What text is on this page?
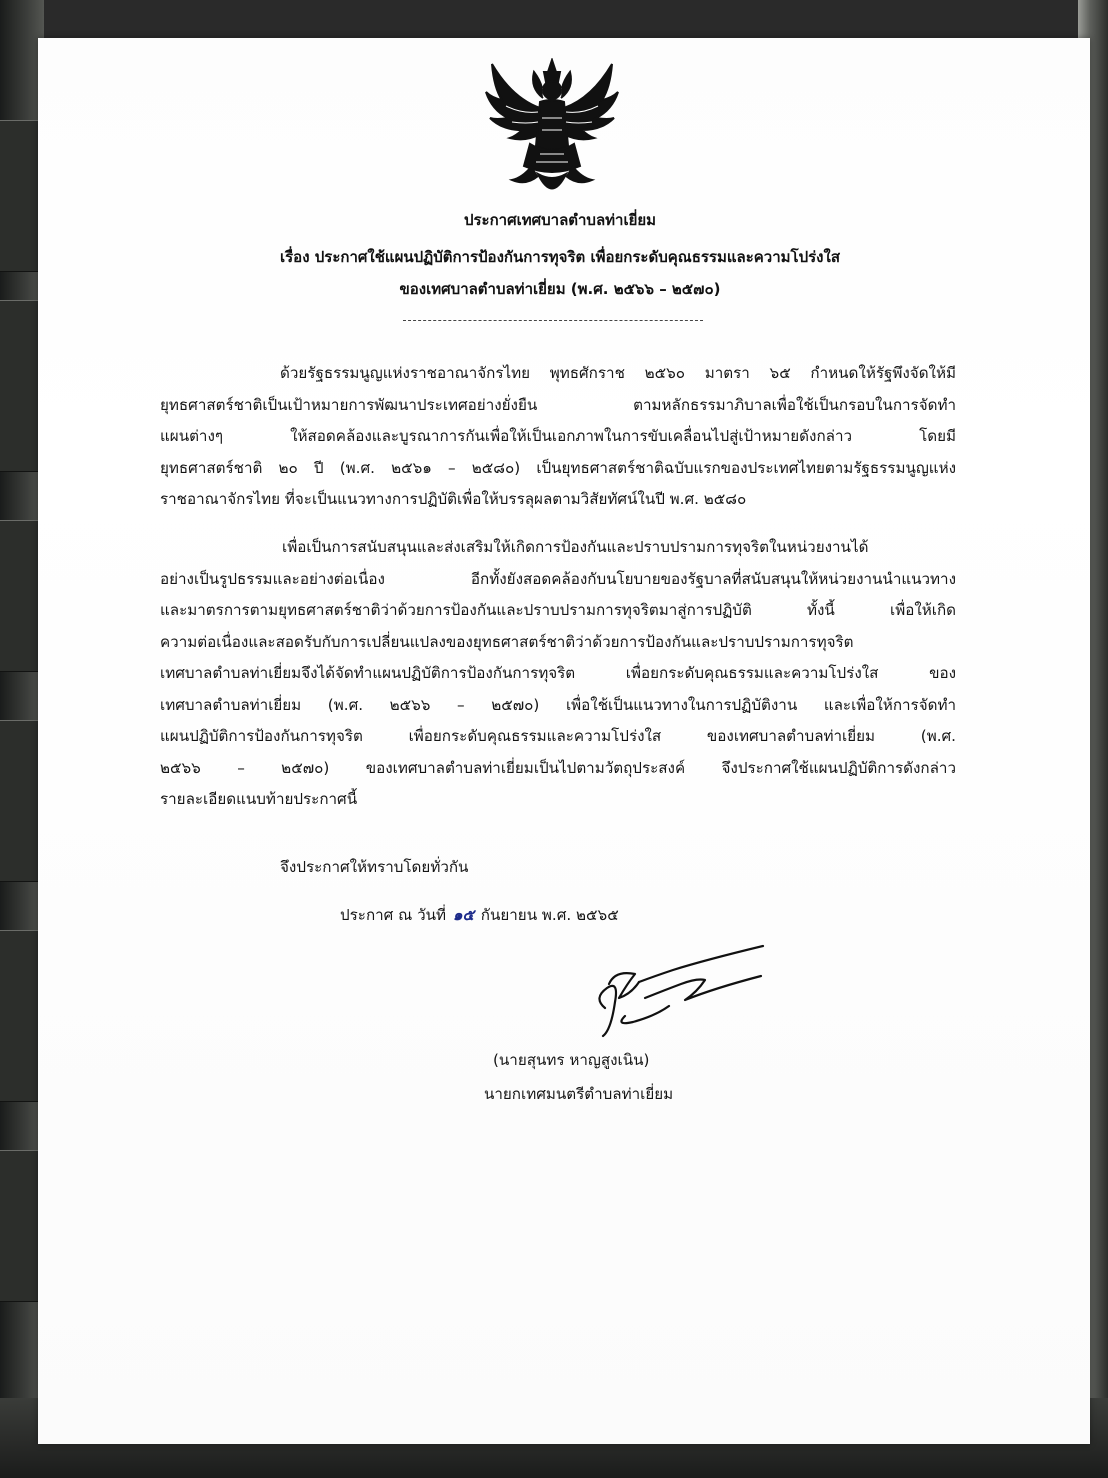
ประกาศเทศบาลตำบลท่าเยี่ยม
เรื่อง ประกาศใช้แผนปฏิบัติการป้องกันการทุจริต เพื่อยกระดับคุณธรรมและความโปร่งใส
ของเทศบาลตำบลท่าเยี่ยม (พ.ศ. ๒๕๖๖ – ๒๕๗๐)
ด้วยรัฐธรรมนูญแห่งราชอาณาจักรไทย พุทธศักราช ๒๕๖๐ มาตรา ๖๕ กำหนดให้รัฐพึงจัดให้มี
ยุทธศาสตร์ชาติเป็นเป้าหมายการพัฒนาประเทศอย่างยั่งยืน ตามหลักธรรมาภิบาลเพื่อใช้เป็นกรอบในการจัดทำ
แผนต่างๆ ให้สอดคล้องและบูรณาการกันเพื่อให้เป็นเอกภาพในการขับเคลื่อนไปสู่เป้าหมายดังกล่าว โดยมี
ยุทธศาสตร์ชาติ ๒๐ ปี (พ.ศ. ๒๕๖๑ – ๒๕๘๐) เป็นยุทธศาสตร์ชาติฉบับแรกของประเทศไทยตามรัฐธรรมนูญแห่ง
ราชอาณาจักรไทย ที่จะเป็นแนวทางการปฏิบัติเพื่อให้บรรลุผลตามวิสัยทัศน์ในปี พ.ศ. ๒๕๘๐
เพื่อเป็นการสนับสนุนและส่งเสริมให้เกิดการป้องกันและปราบปรามการทุจริตในหน่วยงานได้
อย่างเป็นรูปธรรมและอย่างต่อเนื่อง อีกทั้งยังสอดคล้องกับนโยบายของรัฐบาลที่สนับสนุนให้หน่วยงานนำแนวทาง
และมาตรการตามยุทธศาสตร์ชาติว่าด้วยการป้องกันและปราบปรามการทุจริตมาสู่การปฏิบัติ ทั้งนี้ เพื่อให้เกิด
ความต่อเนื่องและสอดรับกับการเปลี่ยนแปลงของยุทธศาสตร์ชาติว่าด้วยการป้องกันและปราบปรามการทุจริต
เทศบาลตำบลท่าเยี่ยมจึงได้จัดทำแผนปฏิบัติการป้องกันการทุจริต เพื่อยกระดับคุณธรรมและความโปร่งใส ของ
เทศบาลตำบลท่าเยี่ยม (พ.ศ. ๒๕๖๖ – ๒๕๗๐) เพื่อใช้เป็นแนวทางในการปฏิบัติงาน และเพื่อให้การจัดทำ
แผนปฏิบัติการป้องกันการทุจริต เพื่อยกระดับคุณธรรมและความโปร่งใส ของเทศบาลตำบลท่าเยี่ยม (พ.ศ.
๒๕๖๖ – ๒๕๗๐) ของเทศบาลตำบลท่าเยี่ยมเป็นไปตามวัตถุประสงค์ จึงประกาศใช้แผนปฏิบัติการดังกล่าว
รายละเอียดแนบท้ายประกาศนี้
จึงประกาศให้ทราบโดยทั่วกัน
ประกาศ ณ วันที่ ๑๕ กันยายน พ.ศ. ๒๕๖๕
(นายสุนทร หาญสูงเนิน)
นายกเทศมนตรีตำบลท่าเยี่ยม
